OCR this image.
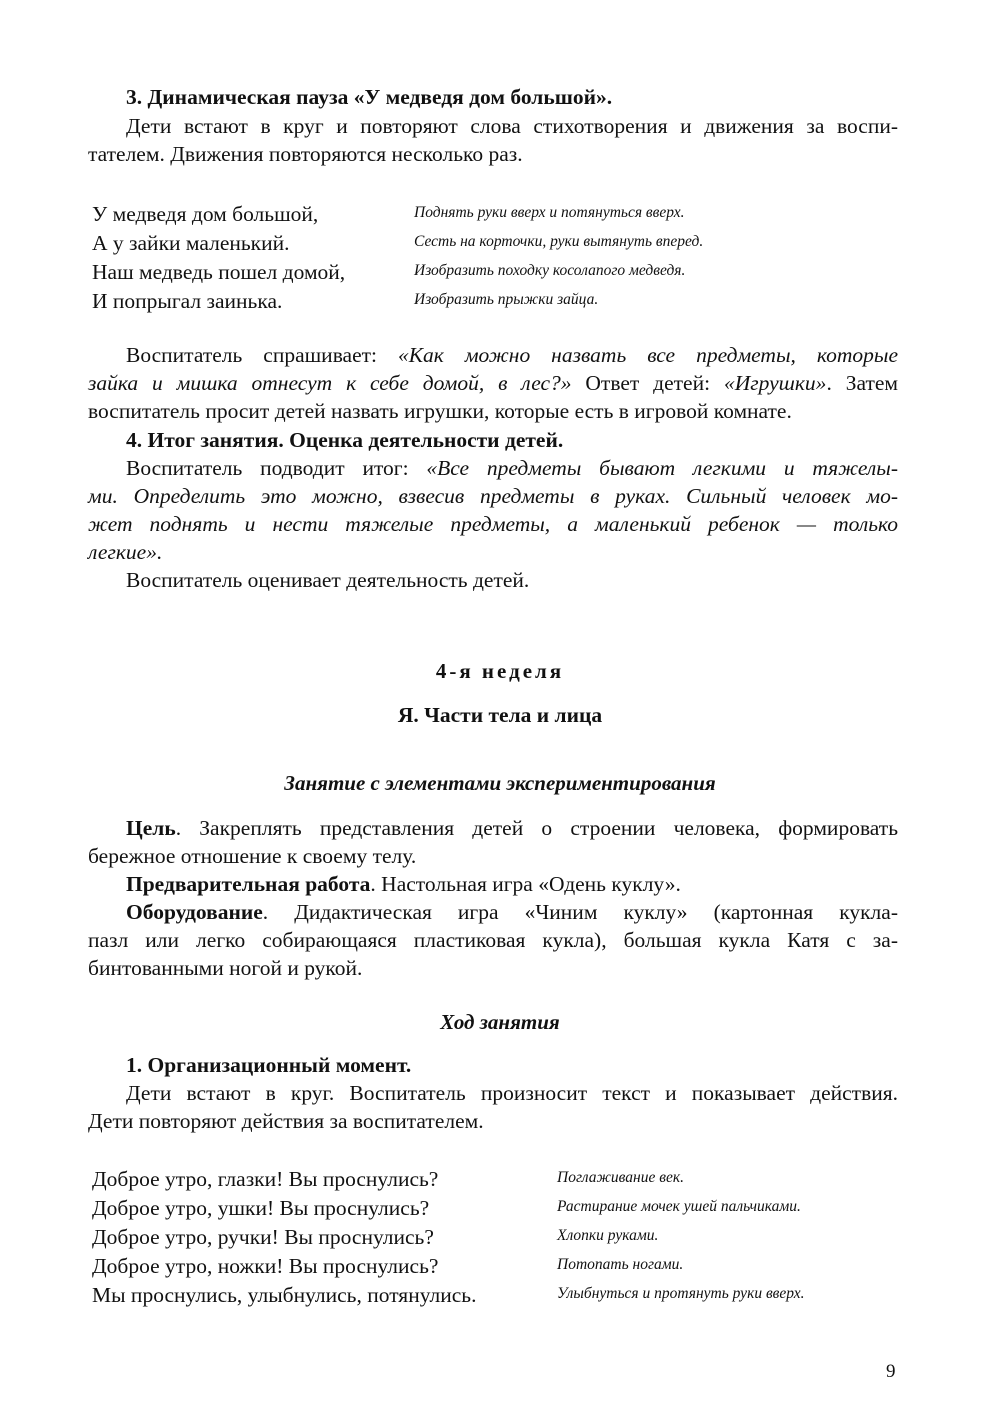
3. Динамическая пауза «У медведя дом большой».
Дети встают в круг и повторяют слова стихотворения и движения за воспи-
тателем. Движения повторяются несколько раз.
У медведя дом большой,	Поднять руки вверх и потянуться вверх.
А у зайки маленький.	Сесть на корточки, руки вытянуть вперед.
Наш медведь пошел домой,	Изобразить походку косолапого медведя.
И попрыгал заинька.	Изобразить прыжки зайца.
Воспитатель спрашивает: «Как можно назвать все предметы, которые
зайка и мишка отнесут к себе домой, в лес?» Ответ детей: «Игрушки». Затем
воспитатель просит детей назвать игрушки, которые есть в игровой комнате.
4. Итог занятия. Оценка деятельности детей.
Воспитатель подводит итог: «Все предметы бывают легкими и тяжелы-
ми. Определить это можно, взвесив предметы в руках. Сильный человек мо-
жет поднять и нести тяжелые предметы, а маленький ребенок — только
легкие».
Воспитатель оценивает деятельность детей.
4-я неделя
Я. Части тела и лица
Занятие с элементами экспериментирования
Цель. Закреплять представления детей о строении человека, формировать
бережное отношение к своему телу.
Предварительная работа. Настольная игра «Одень куклу».
Оборудование. Дидактическая игра «Чиним куклу» (картонная кукла-
пазл или легко собирающаяся пластиковая кукла), большая кукла Катя с за-
бинтованными ногой и рукой.
Ход занятия
1. Организационный момент.
Дети встают в круг. Воспитатель произносит текст и показывает действия.
Дети повторяют действия за воспитателем.
Доброе утро, глазки! Вы проснулись?	Поглаживание век.
Доброе утро, ушки! Вы проснулись?	Растирание мочек ушей пальчиками.
Доброе утро, ручки! Вы проснулись?	Хлопки руками.
Доброе утро, ножки! Вы проснулись?	Потопать ногами.
Мы проснулись, улыбнулись, потянулись.	Улыбнуться и протянуть руки вверх.
9
